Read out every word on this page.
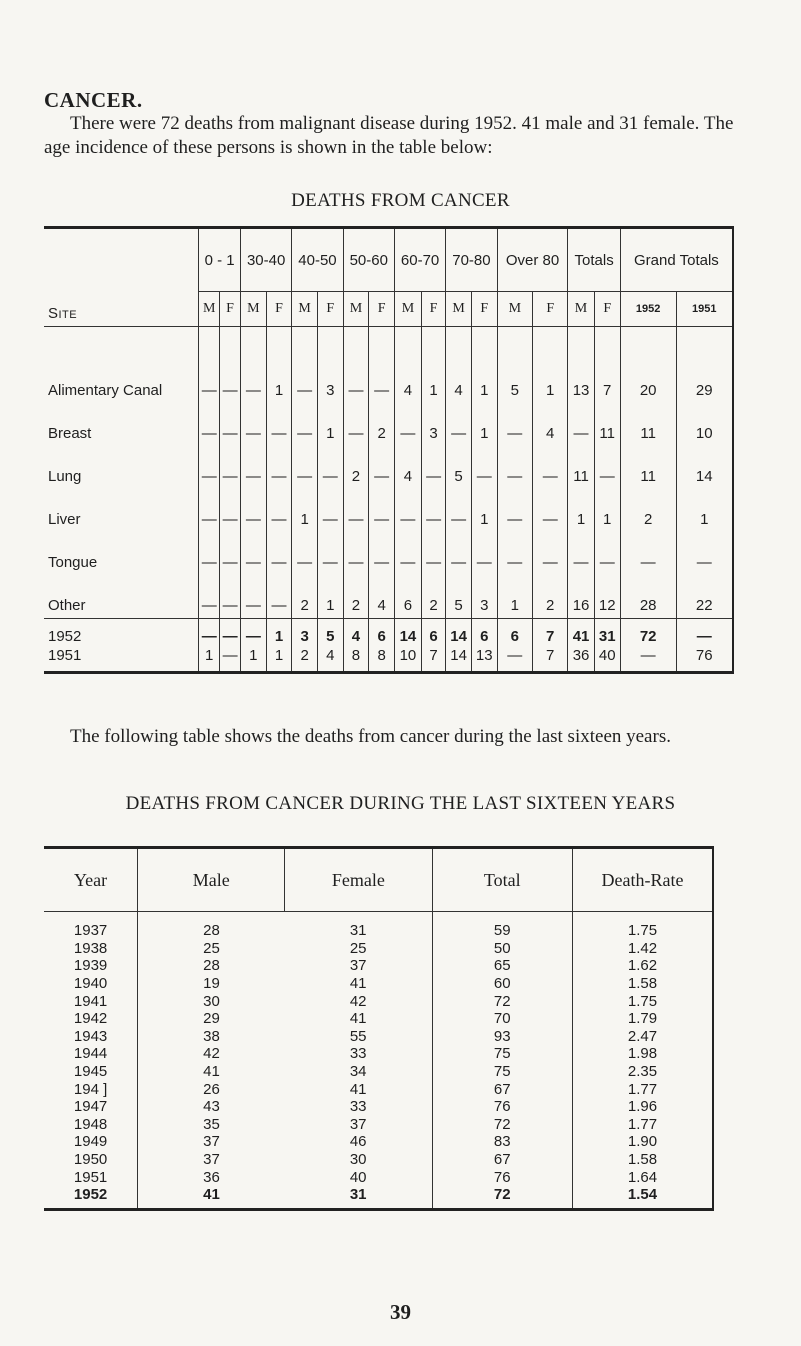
CANCER.
There were 72 deaths from malignant disease during 1952. 41 male and 31 female. The age incidence of these persons is shown in the table below:
DEATHS FROM CANCER
Site	0 - 1		30-40		40-50		50-60		60-70		70-80		Over 80		Totals		Grand Totals	
	M	F	M	F	M	F	M	F	M	F	M	F	M	F	M	F	1952	1951
Alimentary Canal	—	—	—	1	—	3	—	—	4	1	4	1	5	1	13	7	20	29
Breast	—	—	—	—	—	1	—	2	—	3	—	1	—	4	—	11	11	10
Lung	—	—	—	—	—	—	2	—	4	—	5	—	—	—	11	—	11	14
Liver	—	—	—	—	1	—	—	—	—	—	—	1	—	—	1	1	2	1
Tongue	—	—	—	—	—	—	—	—	—	—	—	—	—	—	—	—	—	—
Other	—	—	—	—	2	1	2	4	6	2	5	3	1	2	16	12	28	22
1952	—	—	—	1	3	5	4	6	14	6	14	6	6	7	41	31	72	—
1951	1	—	1	1	2	4	8	8	10	7	14	13	—	7	36	40	—	76
The following table shows the deaths from cancer during the last sixteen years.
DEATHS FROM CANCER DURING THE LAST SIXTEEN YEARS
Year	Male	Female	Total	Death-Rate
1937	28	31	59	1.75
1938	25	25	50	1.42
1939	28	37	65	1.62
1940	19	41	60	1.58
1941	30	42	72	1.75
1942	29	41	70	1.79
1943	38	55	93	2.47
1944	42	33	75	1.98
1945	41	34	75	2.35
194 ]	26	41	67	1.77
1947	43	33	76	1.96
1948	35	37	72	1.77
1949	37	46	83	1.90
1950	37	30	67	1.58
1951	36	40	76	1.64
1952	41	31	72	1.54
39
